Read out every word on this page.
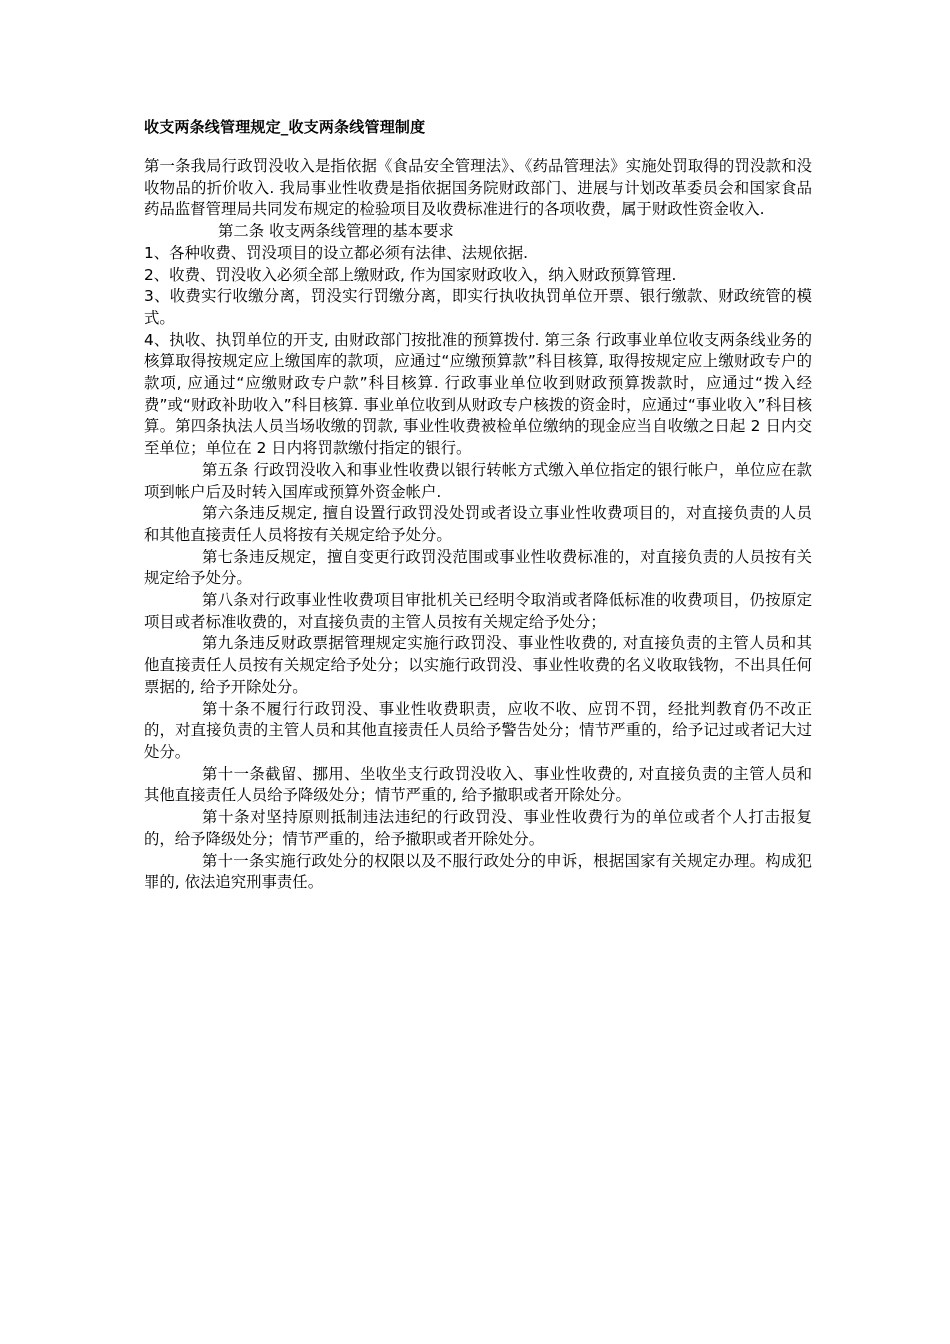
收支两条线管理规定_收支两条线管理制度

第一条我局行政罚没收入是指依据《食品安全管理法》、《药品管理法》实施处罚取得的罚没款和没收物品的折价收入. 我局事业性收费是指依据国务院财政部门、进展与计划改革委员会和国家食品药品监督管理局共同发布规定的检验项目及收费标准进行的各项收费，属于财政性资金收入.

第二条 收支两条线管理的基本要求

1、各种收费、罚没项目的设立都必须有法律、法规依据.

2、收费、罚没收入必须全部上缴财政, 作为国家财政收入，纳入财政预算管理.

3、收费实行收缴分离，罚没实行罚缴分离，即实行执收执罚单位开票、银行缴款、财政统管的模式。

4、执收、执罚单位的开支, 由财政部门按批准的预算拨付. 第三条 行政事业单位收支两条线业务的核算取得按规定应上缴国库的款项，应通过“应缴预算款”科目核算, 取得按规定应上缴财政专户的款项, 应通过“应缴财政专户款”科目核算. 行政事业单位收到财政预算拨款时，应通过“拨入经费”或“财政补助收入”科目核算. 事业单位收到从财政专户核拨的资金时，应通过“事业收入”科目核算。第四条执法人员当场收缴的罚款, 事业性收费被检单位缴纳的现金应当自收缴之日起 2 日内交至单位；单位在 2 日内将罚款缴付指定的银行。

第五条 行政罚没收入和事业性收费以银行转帐方式缴入单位指定的银行帐户，单位应在款项到帐户后及时转入国库或预算外资金帐户.

第六条违反规定, 擅自设置行政罚没处罚或者设立事业性收费项目的，对直接负责的人员和其他直接责任人员将按有关规定给予处分。

第七条违反规定，擅自变更行政罚没范围或事业性收费标准的，对直接负责的人员按有关规定给予处分。

第八条对行政事业性收费项目审批机关已经明令取消或者降低标准的收费项目，仍按原定项目或者标准收费的，对直接负责的主管人员按有关规定给予处分；

第九条违反财政票据管理规定实施行政罚没、事业性收费的, 对直接负责的主管人员和其他直接责任人员按有关规定给予处分；以实施行政罚没、事业性收费的名义收取钱物，不出具任何票据的, 给予开除处分。

第十条不履行行政罚没、事业性收费职责，应收不收、应罚不罚，经批判教育仍不改正的，对直接负责的主管人员和其他直接责任人员给予警告处分；情节严重的，给予记过或者记大过处分。

第十一条截留、挪用、坐收坐支行政罚没收入、事业性收费的, 对直接负责的主管人员和其他直接责任人员给予降级处分；情节严重的, 给予撤职或者开除处分。

第十条对坚持原则抵制违法违纪的行政罚没、事业性收费行为的单位或者个人打击报复的，给予降级处分；情节严重的，给予撤职或者开除处分。

第十一条实施行政处分的权限以及不服行政处分的申诉，根据国家有关规定办理。构成犯罪的, 依法追究刑事责任。
